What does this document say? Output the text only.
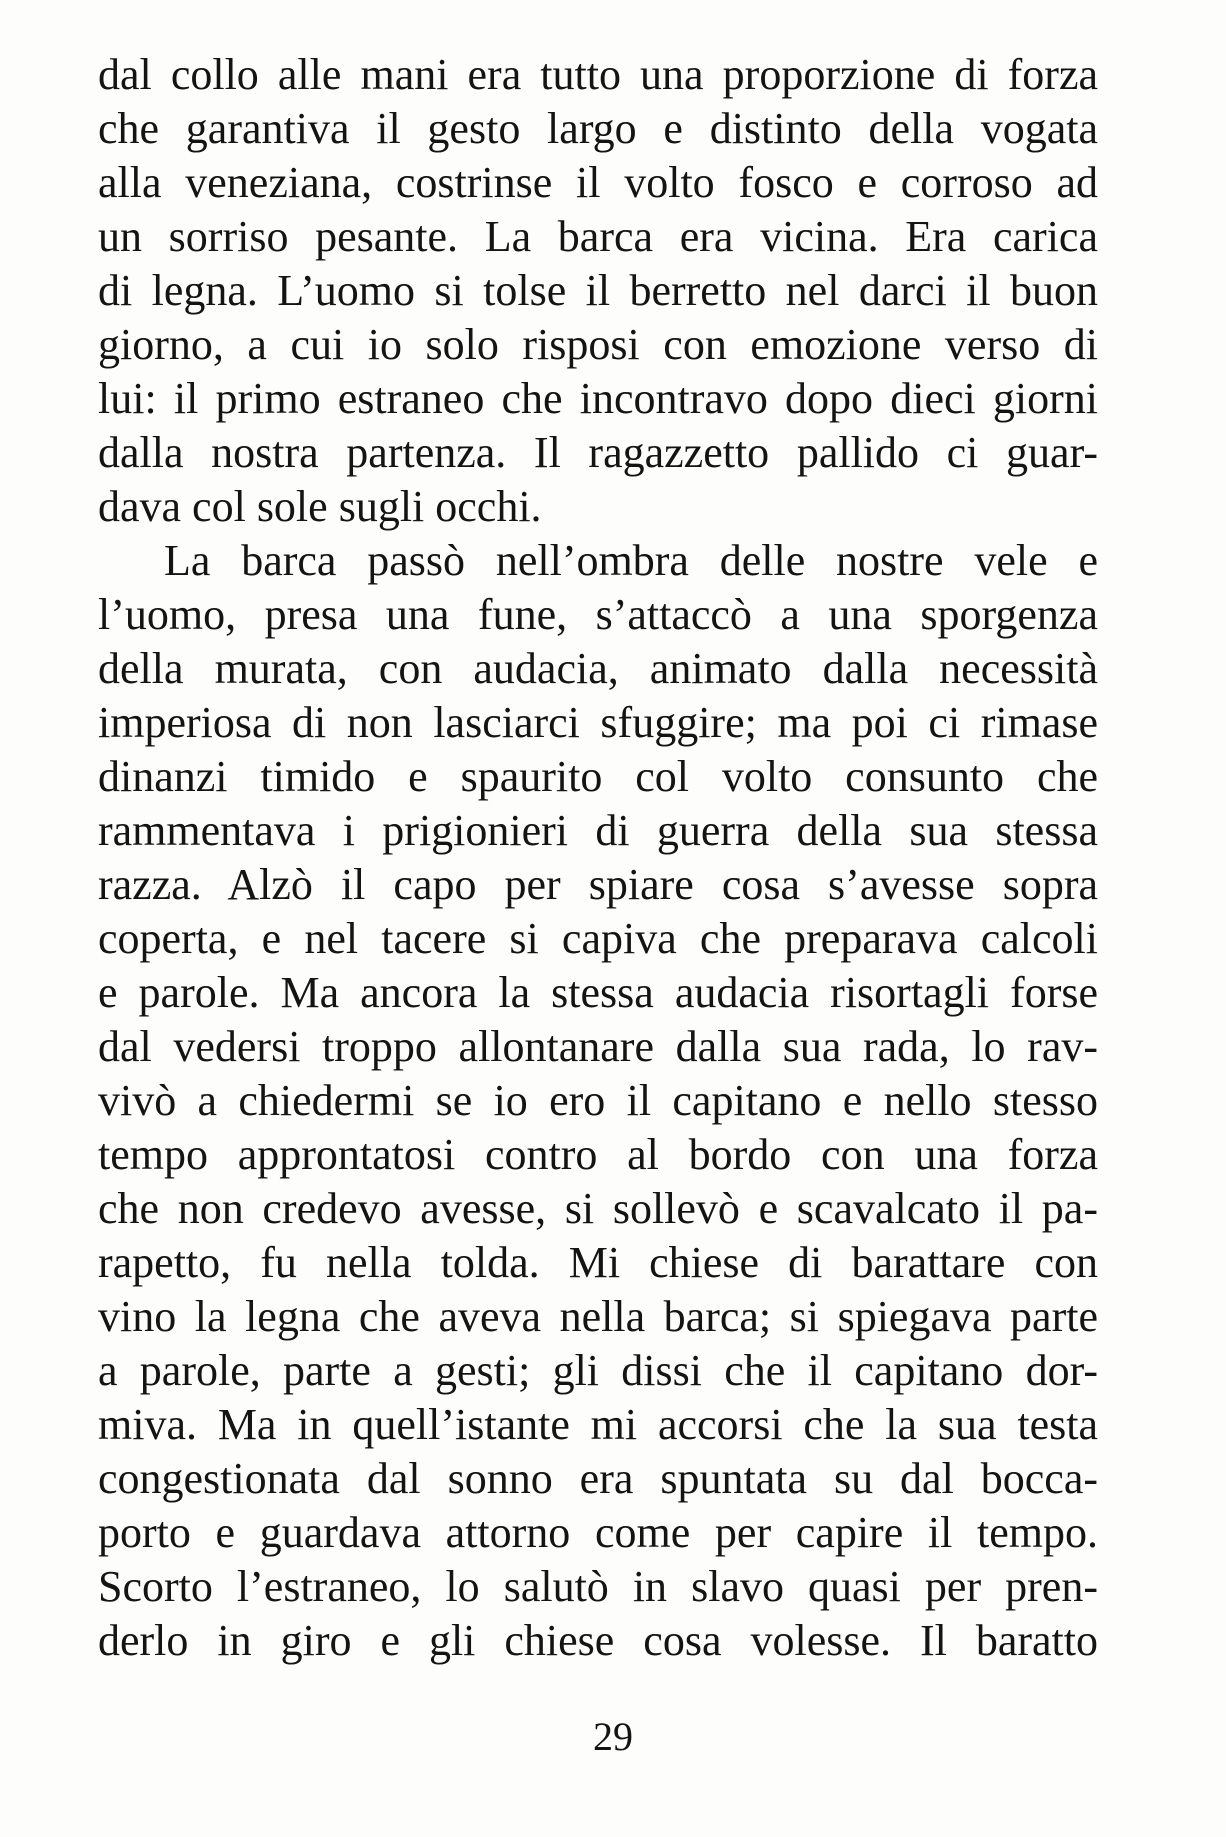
dal collo alle mani era tutto una proporzione di forza
che garantiva il gesto largo e distinto della vogata
alla veneziana, costrinse il volto fosco e corroso ad
un sorriso pesante. La barca era vicina. Era carica
di legna. L’uomo si tolse il berretto nel darci il buon
giorno, a cui io solo risposi con emozione verso di
lui: il primo estraneo che incontravo dopo dieci giorni
dalla nostra partenza. Il ragazzetto pallido ci guar-
dava col sole sugli occhi.
La barca passò nell’ombra delle nostre vele e
l’uomo, presa una fune, s’attaccò a una sporgenza
della murata, con audacia, animato dalla necessità
imperiosa di non lasciarci sfuggire; ma poi ci rimase
dinanzi timido e spaurito col volto consunto che
rammentava i prigionieri di guerra della sua stessa
razza. Alzò il capo per spiare cosa s’avesse sopra
coperta, e nel tacere si capiva che preparava calcoli
e parole. Ma ancora la stessa audacia risortagli forse
dal vedersi troppo allontanare dalla sua rada, lo rav-
vivò a chiedermi se io ero il capitano e nello stesso
tempo approntatosi contro al bordo con una forza
che non credevo avesse, si sollevò e scavalcato il pa-
rapetto, fu nella tolda. Mi chiese di barattare con
vino la legna che aveva nella barca; si spiegava parte
a parole, parte a gesti; gli dissi che il capitano dor-
miva. Ma in quell’istante mi accorsi che la sua testa
congestionata dal sonno era spuntata su dal bocca-
porto e guardava attorno come per capire il tempo.
Scorto l’estraneo, lo salutò in slavo quasi per pren-
derlo in giro e gli chiese cosa volesse. Il baratto
29
